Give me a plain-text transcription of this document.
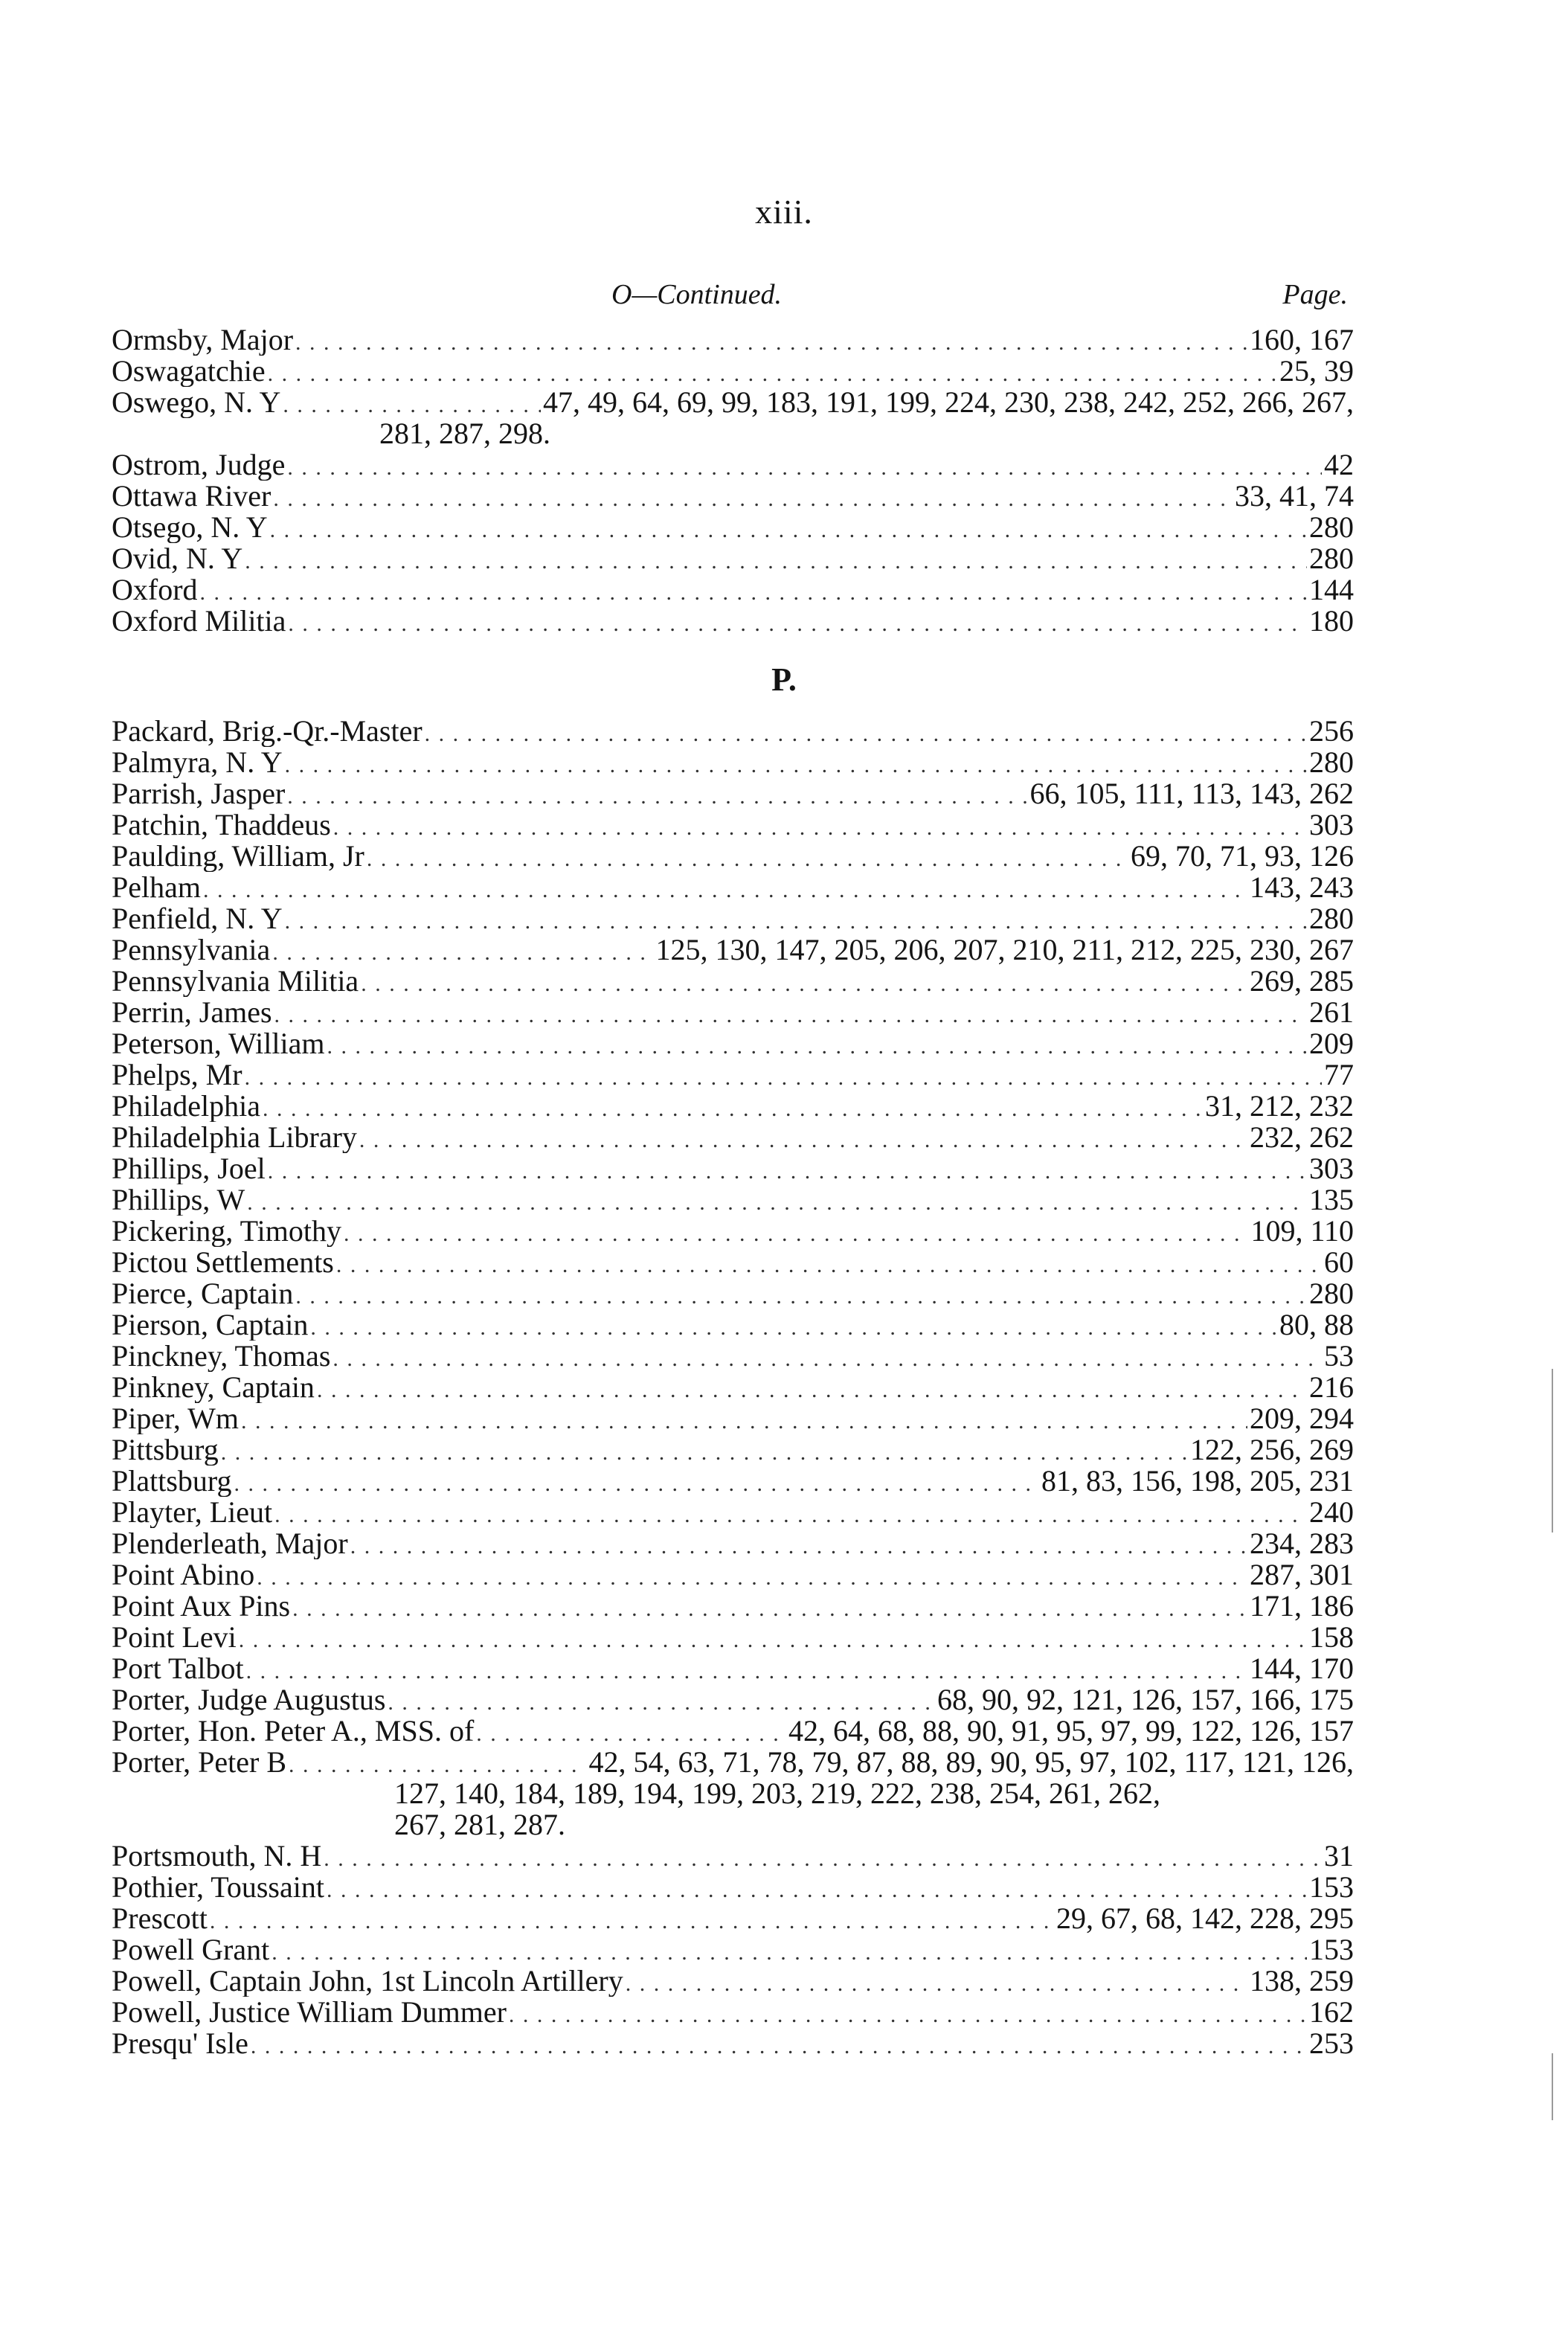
xiii.
O—Continued.	Page.
Ormsby, Major . . .	160, 167
Oswagatchie . . .	25, 39
Oswego, N. Y . . .	47, 49, 64, 69, 99, 183, 191, 199, 224, 230, 238, 242, 252, 266, 267,
281, 287, 298.
Ostrom, Judge . . .	42
Ottawa River . . .	33, 41, 74
Otsego, N. Y . . .	280
Ovid, N. Y . . .	280
Oxford . . .	144
Oxford Militia . . .	180
P.
Packard, Brig.-Qr.-Master . . .	256
Palmyra, N. Y . . .	280
Parrish, Jasper . . .	66, 105, 111, 113, 143, 262
Patchin, Thaddeus . . .	303
Paulding, William, Jr . . .	69, 70, 71, 93, 126
Pelham . . .	143, 243
Penfield, N. Y . . .	280
Pennsylvania . . .	125, 130, 147, 205, 206, 207, 210, 211, 212, 225, 230, 267
Pennsylvania Militia . . .	269, 285
Perrin, James . . .	261
Peterson, William . . .	209
Phelps, Mr . . .	77
Philadelphia . . .	31, 212, 232
Philadelphia Library . . .	232, 262
Phillips, Joel . . .	303
Phillips, W . . .	135
Pickering, Timothy . . .	109, 110
Pictou Settlements . . .	60
Pierce, Captain . . .	280
Pierson, Captain . . .	80, 88
Pinckney, Thomas . . .	53
Pinkney, Captain . . .	216
Piper, Wm . . .	209, 294
Pittsburg . . .	122, 256, 269
Plattsburg . . .	81, 83, 156, 198, 205, 231
Playter, Lieut . . .	240
Plenderleath, Major . . .	234, 283
Point Abino . . .	287, 301
Point Aux Pins . . .	171, 186
Point Levi . . .	158
Port Talbot . . .	144, 170
Porter, Judge Augustus . . .	68, 90, 92, 121, 126, 157, 166, 175
Porter, Hon. Peter A., MSS. of . . .	42, 64, 68, 88, 90, 91, 95, 97, 99, 122, 126, 157
Porter, Peter B . . .	42, 54, 63, 71, 78, 79, 87, 88, 89, 90, 95, 97, 102, 117, 121, 126,
127, 140, 184, 189, 194, 199, 203, 219, 222, 238, 254, 261, 262,
267, 281, 287.
Portsmouth, N. H . . .	31
Pothier, Toussaint . . .	153
Prescott . . .	29, 67, 68, 142, 228, 295
Powell Grant . . .	153
Powell, Captain John, 1st Lincoln Artillery . . .	138, 259
Powell, Justice William Dummer . . .	162
Presqu' Isle . . .	253
